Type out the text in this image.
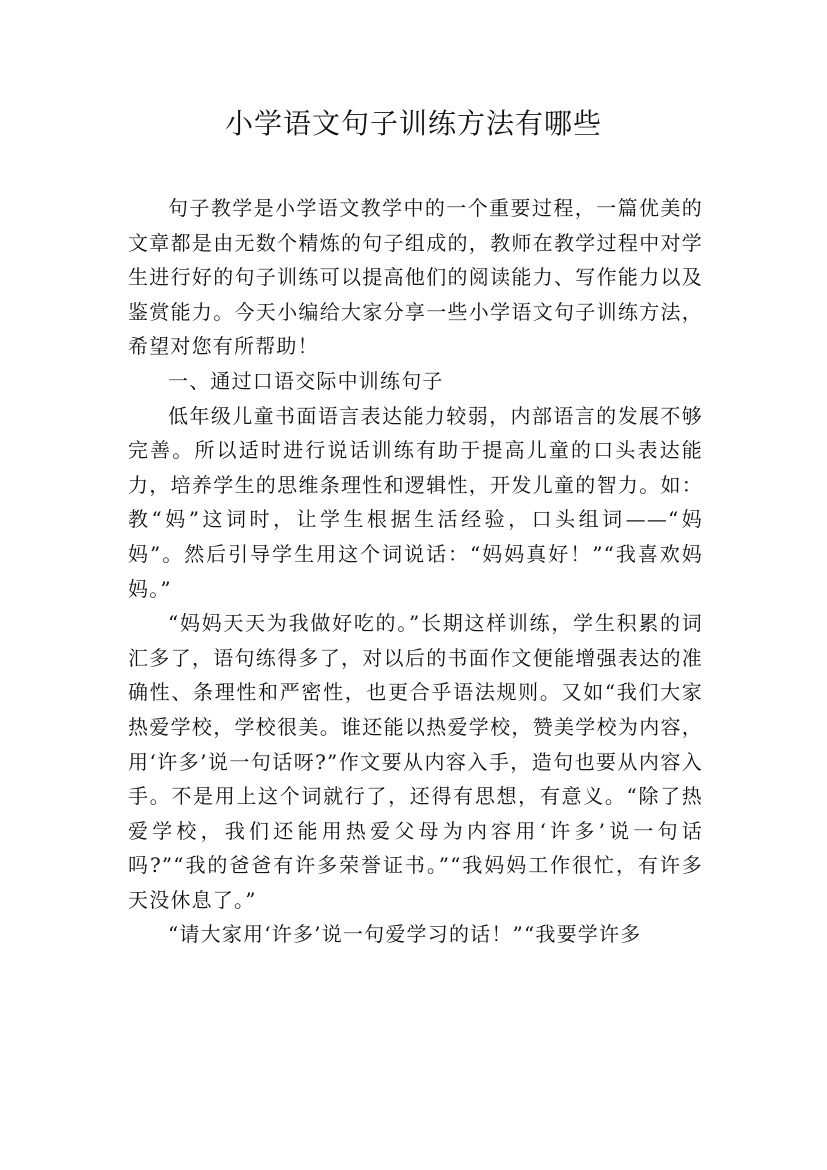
小学语文句子训练方法有哪些

句子教学是小学语文教学中的一个重要过程，一篇优美的文章都是由无数个精炼的句子组成的，教师在教学过程中对学生进行好的句子训练可以提高他们的阅读能力、写作能力以及鉴赏能力。今天小编给大家分享一些小学语文句子训练方法，希望对您有所帮助！

一、通过口语交际中训练句子

低年级儿童书面语言表达能力较弱，内部语言的发展不够完善。所以适时进行说话训练有助于提高儿童的口头表达能力，培养学生的思维条理性和逻辑性，开发儿童的智力。如：教“妈”这词时，让学生根据生活经验，口头组词——“妈妈”。然后引导学生用这个词说话：“妈妈真好！”“我喜欢妈妈。”

“妈妈天天为我做好吃的。”长期这样训练，学生积累的词汇多了，语句练得多了，对以后的书面作文便能增强表达的准确性、条理性和严密性，也更合乎语法规则。又如“我们大家热爱学校，学校很美。谁还能以热爱学校，赞美学校为内容，用‘许多’说一句话呀?”作文要从内容入手，造句也要从内容入手。不是用上这个词就行了，还得有思想，有意义。“除了热爱学校，我们还能用热爱父母为内容用‘许多’说一句话吗?”“我的爸爸有许多荣誉证书。”“我妈妈工作很忙，有许多天没休息了。”

“请大家用‘许多’说一句爱学习的话！”“我要学许多
